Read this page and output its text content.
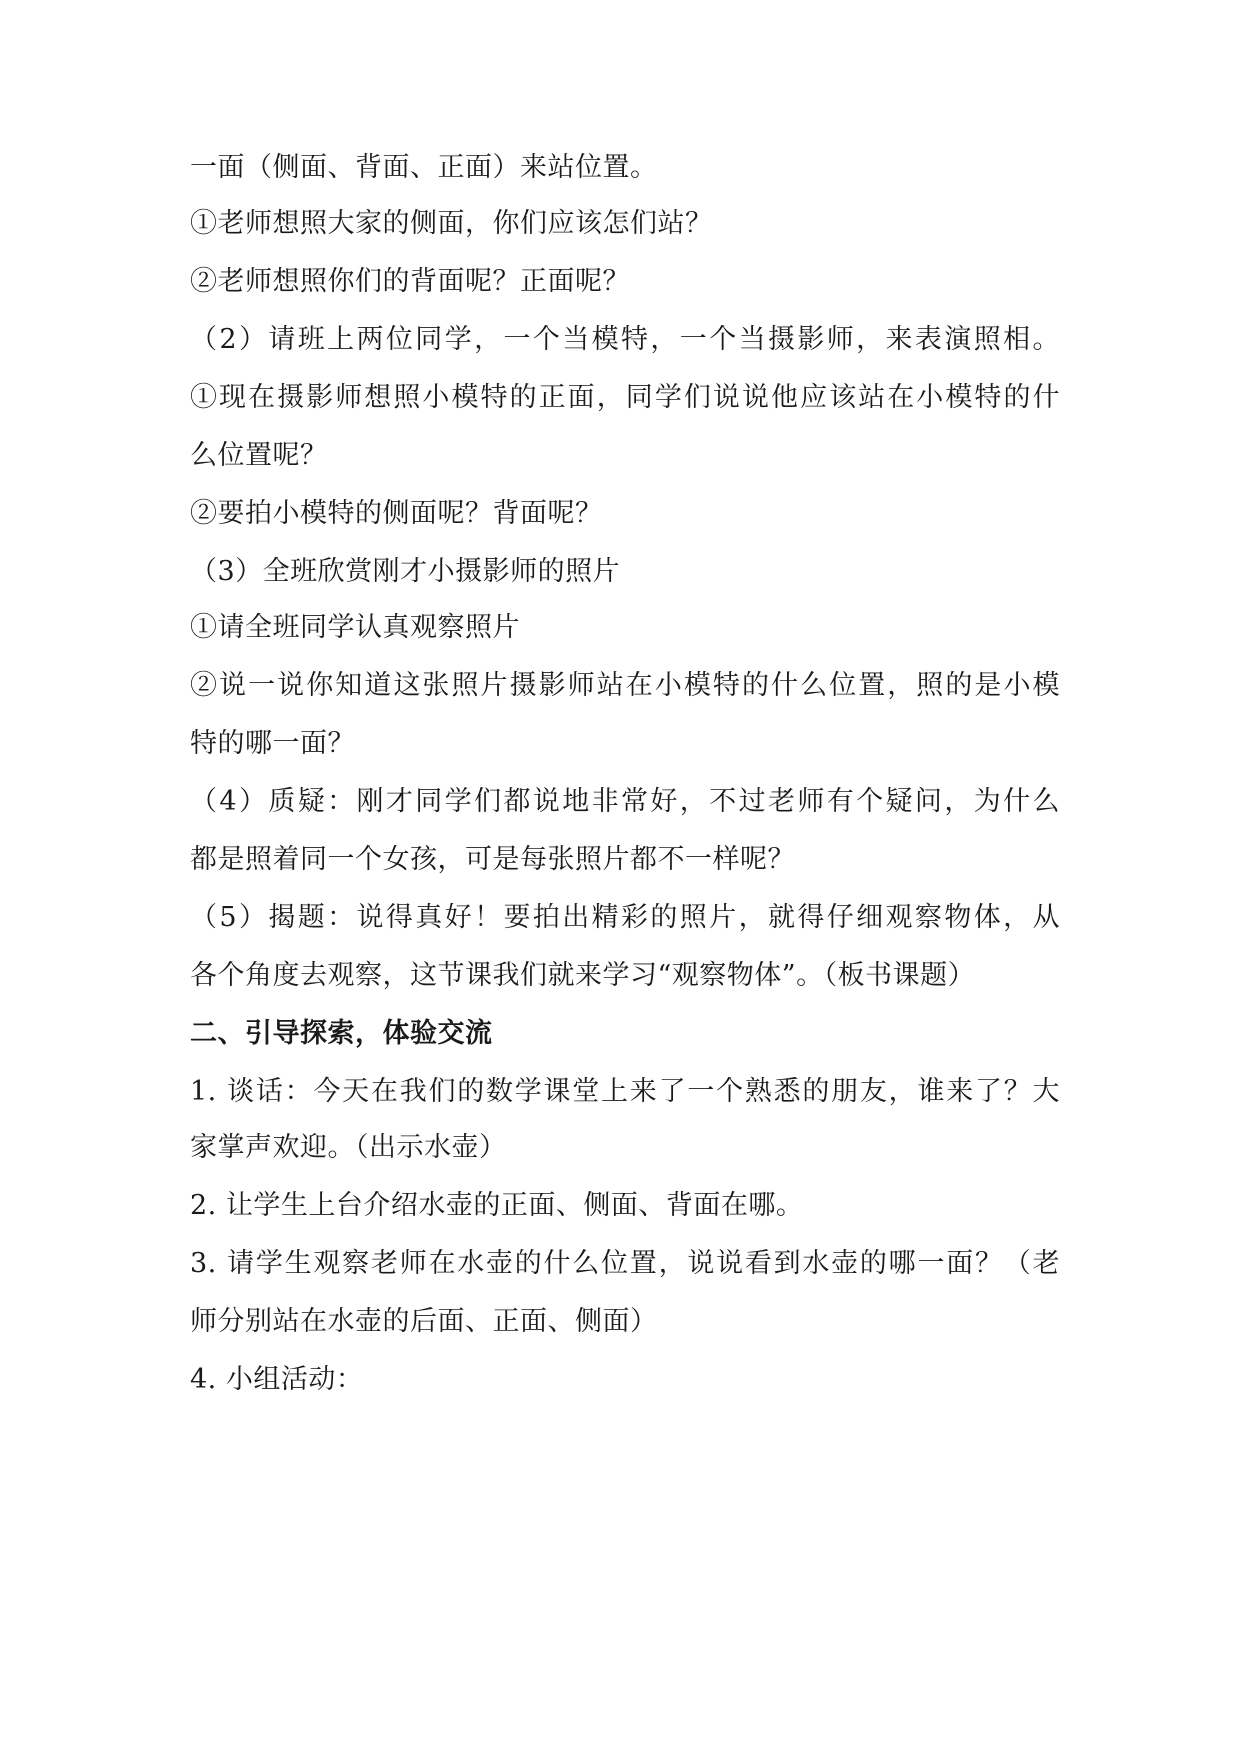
一面（侧面、背面、正面）来站位置。
①老师想照大家的侧面，你们应该怎们站？
②老师想照你们的背面呢？正面呢？
（2）请班上两位同学，一个当模特，一个当摄影师，来表演照相。
①现在摄影师想照小模特的正面，同学们说说他应该站在小模特的什
么位置呢？
②要拍小模特的侧面呢？背面呢？
（3）全班欣赏刚才小摄影师的照片
①请全班同学认真观察照片
②说一说你知道这张照片摄影师站在小模特的什么位置，照的是小模
特的哪一面？
（4）质疑：刚才同学们都说地非常好，不过老师有个疑问，为什么
都是照着同一个女孩，可是每张照片都不一样呢？
（5）揭题：说得真好！要拍出精彩的照片，就得仔细观察物体，从
各个角度去观察，这节课我们就来学习“观察物体”。（板书课题）
二、引导探索，体验交流
1. 谈话：今天在我们的数学课堂上来了一个熟悉的朋友，谁来了？大
家掌声欢迎。（出示水壶）
2. 让学生上台介绍水壶的正面、侧面、背面在哪。
3. 请学生观察老师在水壶的什么位置，说说看到水壶的哪一面？（老
师分别站在水壶的后面、正面、侧面）
4. 小组活动：
